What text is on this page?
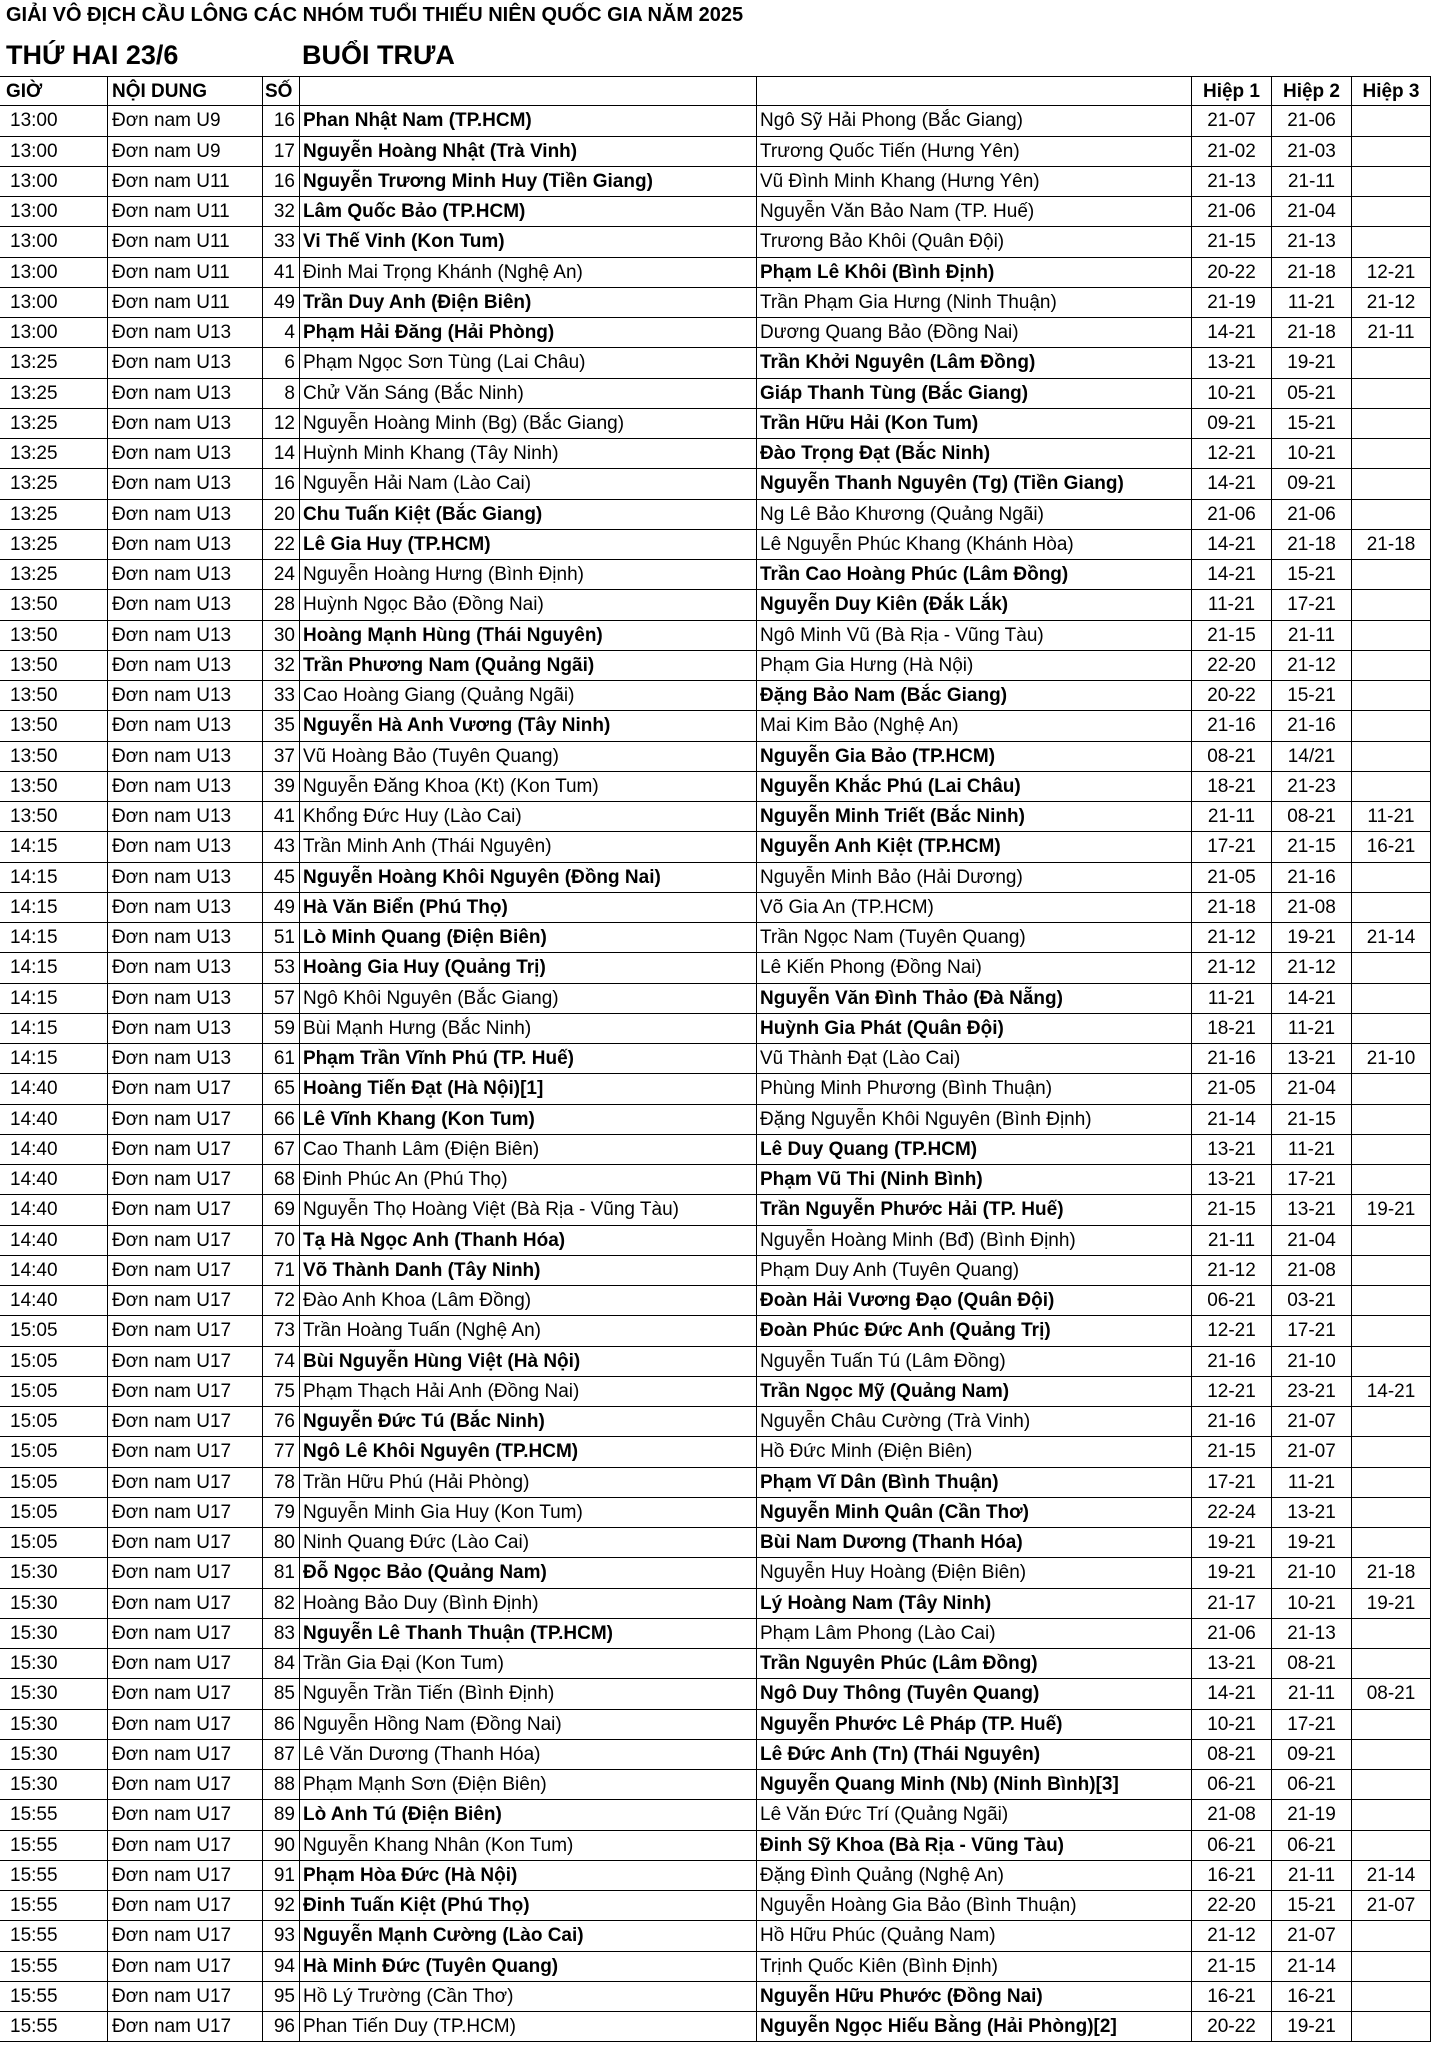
GIẢI VÔ ĐỊCH CẦU LÔNG CÁC NHÓM TUỔI THIẾU NIÊN QUỐC GIA NĂM 2025
THỨ HAI 23/6	BUỔI TRƯA
GIỜ	NỘI DUNG	SỐ	Hiệp 1	Hiệp 2	Hiệp 3
13:00	Đơn nam U9	16 Phan Nhật Nam (TP.HCM)	Ngô Sỹ Hải Phong (Bắc Giang)	21-07	21-06
13:00	Đơn nam U9	17 Nguyễn Hoàng Nhật (Trà Vinh)	Trương Quốc Tiến (Hưng Yên)	21-02	21-03
13:00	Đơn nam U11	16 Nguyễn Trương Minh Huy (Tiền Giang)	Vũ Đình Minh Khang (Hưng Yên)	21-13	21-11
13:00	Đơn nam U11	32 Lâm Quốc Bảo (TP.HCM)	Nguyễn Văn Bảo Nam (TP. Huế)	21-06	21-04
13:00	Đơn nam U11	33 Vi Thế Vinh (Kon Tum)	Trương Bảo Khôi (Quân Đội)	21-15	21-13
13:00	Đơn nam U11	41 Đinh Mai Trọng Khánh (Nghệ An)	Phạm Lê Khôi (Bình Định)	20-22	21-18	12-21
13:00	Đơn nam U11	49 Trần Duy Anh (Điện Biên)	Trần Phạm Gia Hưng (Ninh Thuận)	21-19	11-21	21-12
13:00	Đơn nam U13	4 Phạm Hải Đăng (Hải Phòng)	Dương Quang Bảo (Đồng Nai)	14-21	21-18	21-11
13:25	Đơn nam U13	6 Phạm Ngọc Sơn Tùng (Lai Châu)	Trần Khởi Nguyên (Lâm Đồng)	13-21	19-21
13:25	Đơn nam U13	8 Chử Văn Sáng (Bắc Ninh)	Giáp Thanh Tùng (Bắc Giang)	10-21	05-21
13:25	Đơn nam U13	12 Nguyễn Hoàng Minh (Bg) (Bắc Giang)	Trần Hữu Hải (Kon Tum)	09-21	15-21
13:25	Đơn nam U13	14 Huỳnh Minh Khang (Tây Ninh)	Đào Trọng Đạt (Bắc Ninh)	12-21	10-21
13:25	Đơn nam U13	16 Nguyễn Hải Nam (Lào Cai)	Nguyễn Thanh Nguyên (Tg) (Tiền Giang)	14-21	09-21
13:25	Đơn nam U13	20 Chu Tuấn Kiệt (Bắc Giang)	Ng Lê Bảo Khương (Quảng Ngãi)	21-06	21-06
13:25	Đơn nam U13	22 Lê Gia Huy (TP.HCM)	Lê Nguyễn Phúc Khang (Khánh Hòa)	14-21	21-18	21-18
13:25	Đơn nam U13	24 Nguyễn Hoàng Hưng (Bình Định)	Trần Cao Hoàng Phúc (Lâm Đồng)	14-21	15-21
13:50	Đơn nam U13	28 Huỳnh Ngọc Bảo (Đồng Nai)	Nguyễn Duy Kiên (Đắk Lắk)	11-21	17-21
13:50	Đơn nam U13	30 Hoàng Mạnh Hùng (Thái Nguyên)	Ngô Minh Vũ (Bà Rịa - Vũng Tàu)	21-15	21-11
13:50	Đơn nam U13	32 Trần Phương Nam (Quảng Ngãi)	Phạm Gia Hưng (Hà Nội)	22-20	21-12
13:50	Đơn nam U13	33 Cao Hoàng Giang (Quảng Ngãi)	Đặng Bảo Nam (Bắc Giang)	20-22	15-21
13:50	Đơn nam U13	35 Nguyễn Hà Anh Vương (Tây Ninh)	Mai Kim Bảo (Nghệ An)	21-16	21-16
13:50	Đơn nam U13	37 Vũ Hoàng Bảo (Tuyên Quang)	Nguyễn Gia Bảo (TP.HCM)	08-21	14/21
13:50	Đơn nam U13	39 Nguyễn Đăng Khoa (Kt) (Kon Tum)	Nguyễn Khắc Phú (Lai Châu)	18-21	21-23
13:50	Đơn nam U13	41 Khổng Đức Huy (Lào Cai)	Nguyễn Minh Triết (Bắc Ninh)	21-11	08-21	11-21
14:15	Đơn nam U13	43 Trần Minh Anh (Thái Nguyên)	Nguyễn Anh Kiệt (TP.HCM)	17-21	21-15	16-21
14:15	Đơn nam U13	45 Nguyễn Hoàng Khôi Nguyên (Đồng Nai)	Nguyễn Minh Bảo (Hải Dương)	21-05	21-16
14:15	Đơn nam U13	49 Hà Văn Biển (Phú Thọ)	Võ Gia An (TP.HCM)	21-18	21-08
14:15	Đơn nam U13	51 Lò Minh Quang (Điện Biên)	Trần Ngọc Nam (Tuyên Quang)	21-12	19-21	21-14
14:15	Đơn nam U13	53 Hoàng Gia Huy (Quảng Trị)	Lê Kiến Phong (Đồng Nai)	21-12	21-12
14:15	Đơn nam U13	57 Ngô Khôi Nguyên (Bắc Giang)	Nguyễn Văn Đình Thảo (Đà Nẵng)	11-21	14-21
14:15	Đơn nam U13	59 Bùi Mạnh Hưng (Bắc Ninh)	Huỳnh Gia Phát (Quân Đội)	18-21	11-21
14:15	Đơn nam U13	61 Phạm Trần Vĩnh Phú (TP. Huế)	Vũ Thành Đạt (Lào Cai)	21-16	13-21	21-10
14:40	Đơn nam U17	65 Hoàng Tiến Đạt (Hà Nội)[1]	Phùng Minh Phương (Bình Thuận)	21-05	21-04
14:40	Đơn nam U17	66 Lê Vĩnh Khang (Kon Tum)	Đặng Nguyễn Khôi Nguyên (Bình Định)	21-14	21-15
14:40	Đơn nam U17	67 Cao Thanh Lâm (Điện Biên)	Lê Duy Quang (TP.HCM)	13-21	11-21
14:40	Đơn nam U17	68 Đinh Phúc An (Phú Thọ)	Phạm Vũ Thi (Ninh Bình)	13-21	17-21
14:40	Đơn nam U17	69 Nguyễn Thọ Hoàng Việt (Bà Rịa - Vũng Tàu)	Trần Nguyễn Phước Hải (TP. Huế)	21-15	13-21	19-21
14:40	Đơn nam U17	70 Tạ Hà Ngọc Anh (Thanh Hóa)	Nguyễn Hoàng Minh (Bđ) (Bình Định)	21-11	21-04
14:40	Đơn nam U17	71 Võ Thành Danh (Tây Ninh)	Phạm Duy Anh (Tuyên Quang)	21-12	21-08
14:40	Đơn nam U17	72 Đào Anh Khoa (Lâm Đồng)	Đoàn Hải Vương Đạo (Quân Đội)	06-21	03-21
15:05	Đơn nam U17	73 Trần Hoàng Tuấn (Nghệ An)	Đoàn Phúc Đức Anh (Quảng Trị)	12-21	17-21
15:05	Đơn nam U17	74 Bùi Nguyễn Hùng Việt (Hà Nội)	Nguyễn Tuấn Tú (Lâm Đồng)	21-16	21-10
15:05	Đơn nam U17	75 Phạm Thạch Hải Anh (Đồng Nai)	Trần Ngọc Mỹ (Quảng Nam)	12-21	23-21	14-21
15:05	Đơn nam U17	76 Nguyễn Đức Tú (Bắc Ninh)	Nguyễn Châu Cường (Trà Vinh)	21-16	21-07
15:05	Đơn nam U17	77 Ngô Lê Khôi Nguyên (TP.HCM)	Hồ Đức Minh (Điện Biên)	21-15	21-07
15:05	Đơn nam U17	78 Trần Hữu Phú (Hải Phòng)	Phạm Vĩ Dân (Bình Thuận)	17-21	11-21
15:05	Đơn nam U17	79 Nguyễn Minh Gia Huy (Kon Tum)	Nguyễn Minh Quân (Cần Thơ)	22-24	13-21
15:05	Đơn nam U17	80 Ninh Quang Đức (Lào Cai)	Bùi Nam Dương (Thanh Hóa)	19-21	19-21
15:30	Đơn nam U17	81 Đỗ Ngọc Bảo (Quảng Nam)	Nguyễn Huy Hoàng (Điện Biên)	19-21	21-10	21-18
15:30	Đơn nam U17	82 Hoàng Bảo Duy (Bình Định)	Lý Hoàng Nam (Tây Ninh)	21-17	10-21	19-21
15:30	Đơn nam U17	83 Nguyễn Lê Thanh Thuận (TP.HCM)	Phạm Lâm Phong (Lào Cai)	21-06	21-13
15:30	Đơn nam U17	84 Trần Gia Đại (Kon Tum)	Trần Nguyên Phúc (Lâm Đồng)	13-21	08-21
15:30	Đơn nam U17	85 Nguyễn Trần Tiến (Bình Định)	Ngô Duy Thông (Tuyên Quang)	14-21	21-11	08-21
15:30	Đơn nam U17	86 Nguyễn Hồng Nam (Đồng Nai)	Nguyễn Phước Lê Pháp (TP. Huế)	10-21	17-21
15:30	Đơn nam U17	87 Lê Văn Dương (Thanh Hóa)	Lê Đức Anh (Tn) (Thái Nguyên)	08-21	09-21
15:30	Đơn nam U17	88 Phạm Mạnh Sơn (Điện Biên)	Nguyễn Quang Minh (Nb) (Ninh Bình)[3]	06-21	06-21
15:55	Đơn nam U17	89 Lò Anh Tú (Điện Biên)	Lê Văn Đức Trí (Quảng Ngãi)	21-08	21-19
15:55	Đơn nam U17	90 Nguyễn Khang Nhân (Kon Tum)	Đinh Sỹ Khoa (Bà Rịa - Vũng Tàu)	06-21	06-21
15:55	Đơn nam U17	91 Phạm Hòa Đức (Hà Nội)	Đặng Đình Quảng (Nghệ An)	16-21	21-11	21-14
15:55	Đơn nam U17	92 Đinh Tuấn Kiệt (Phú Thọ)	Nguyễn Hoàng Gia Bảo (Bình Thuận)	22-20	15-21	21-07
15:55	Đơn nam U17	93 Nguyễn Mạnh Cường (Lào Cai)	Hồ Hữu Phúc (Quảng Nam)	21-12	21-07
15:55	Đơn nam U17	94 Hà Minh Đức (Tuyên Quang)	Trịnh Quốc Kiên (Bình Định)	21-15	21-14
15:55	Đơn nam U17	95 Hồ Lý Trường (Cần Thơ)	Nguyễn Hữu Phước (Đồng Nai)	16-21	16-21
15:55	Đơn nam U17	96 Phan Tiến Duy (TP.HCM)	Nguyễn Ngọc Hiếu Bằng (Hải Phòng)[2]	20-22	19-21
